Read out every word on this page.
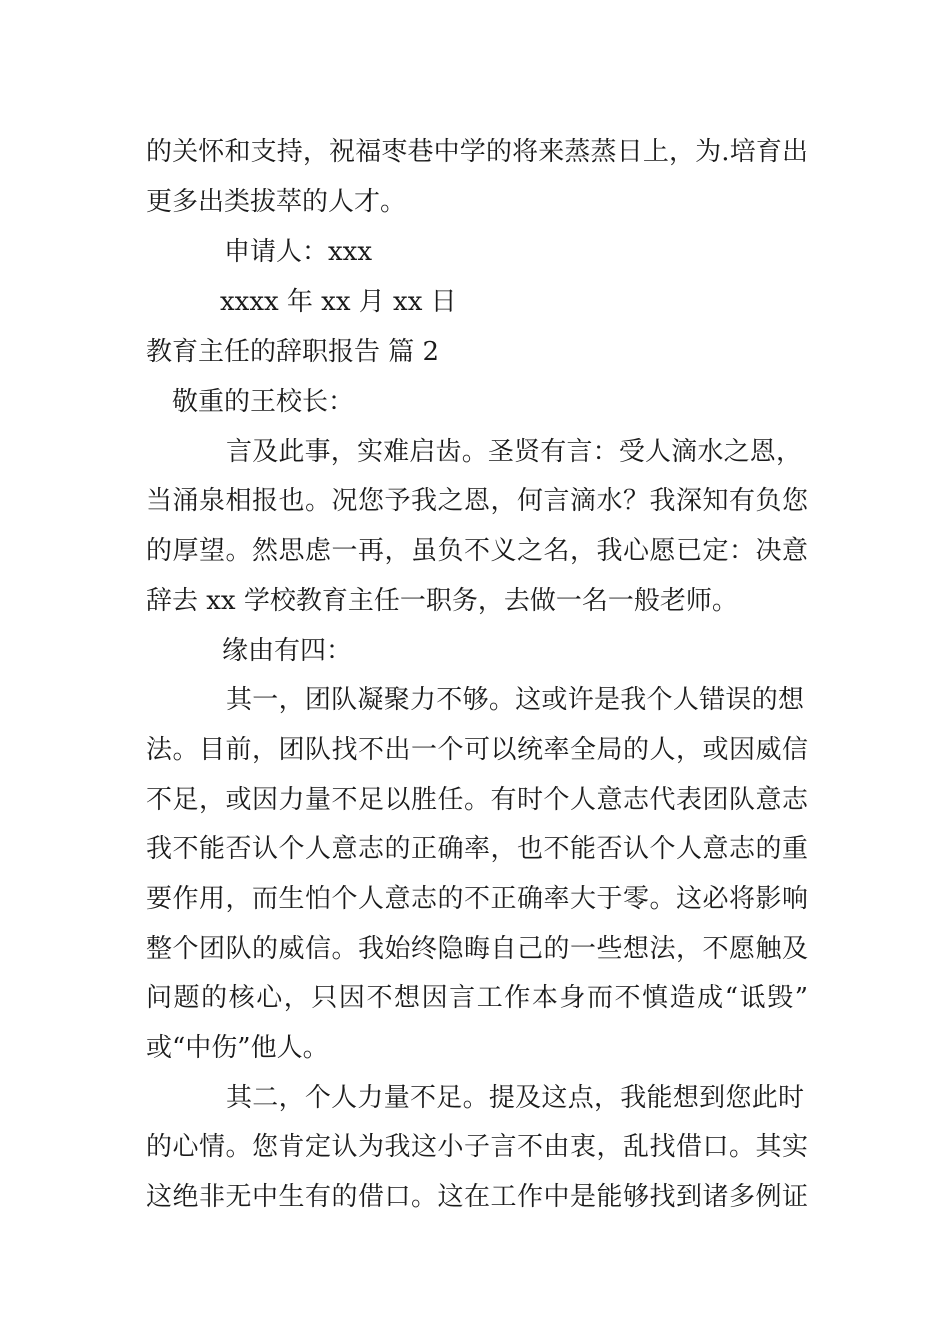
的关怀和支持，祝福枣巷中学的将来蒸蒸日上，为.培育出
更多出类拔萃的人才。
申请人：xxx
xxxx 年 xx 月 xx 日
教育主任的辞职报告 篇 2
敬重的王校长：
言及此事，实难启齿。圣贤有言：受人滴水之恩，
当涌泉相报也。况您予我之恩，何言滴水？我深知有负您
的厚望。然思虑一再，虽负不义之名，我心愿已定：决意
辞去 xx 学校教育主任一职务，去做一名一般老师。
缘由有四：
其一，团队凝聚力不够。这或许是我个人错误的想
法。目前，团队找不出一个可以统率全局的人，或因威信
不足，或因力量不足以胜任。有时个人意志代表团队意志
我不能否认个人意志的正确率，也不能否认个人意志的重
要作用，而生怕个人意志的不正确率大于零。这必将影响
整个团队的威信。我始终隐晦自己的一些想法，不愿触及
问题的核心，只因不想因言工作本身而不慎造成“诋毁”
或“中伤”他人。
其二，个人力量不足。提及这点，我能想到您此时
的心情。您肯定认为我这小子言不由衷，乱找借口。其实
这绝非无中生有的借口。这在工作中是能够找到诸多例证
